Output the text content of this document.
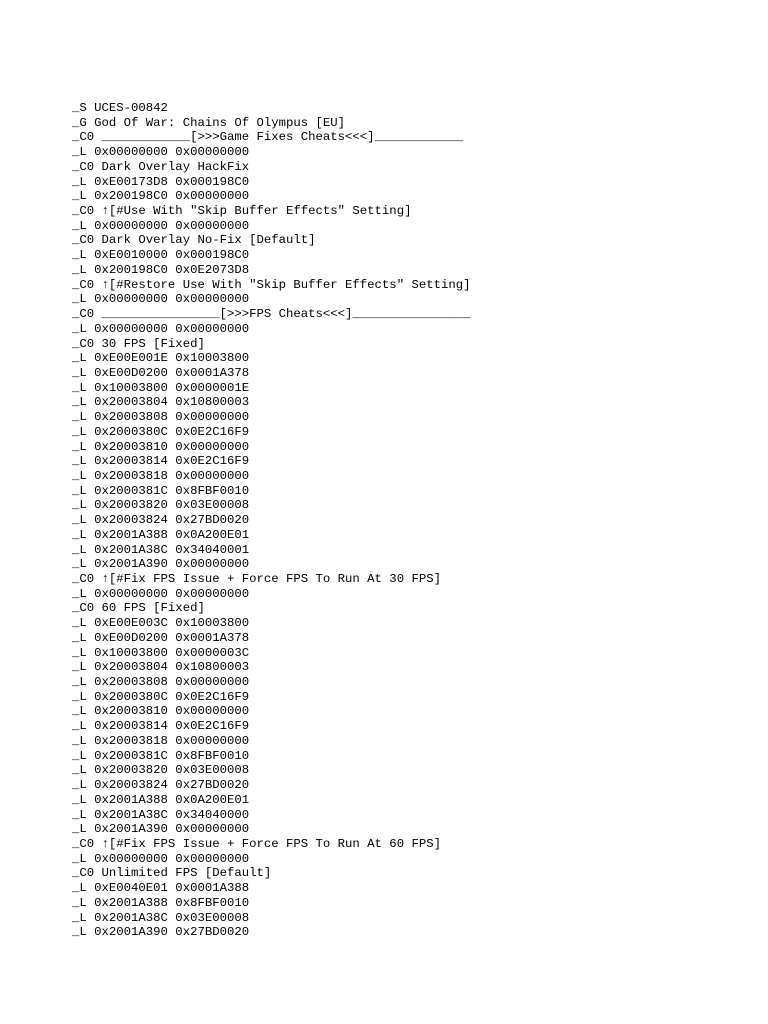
_S UCES-00842
_G God Of War: Chains Of Olympus [EU]
_C0 ____________[>>>Game Fixes Cheats<<<]____________
_L 0x00000000 0x00000000
_C0 Dark Overlay HackFix
_L 0xE00173D8 0x000198C0
_L 0x200198C0 0x00000000
_C0 ↑[#Use With "Skip Buffer Effects" Setting]
_L 0x00000000 0x00000000
_C0 Dark Overlay No-Fix [Default]
_L 0xE0010000 0x000198C0
_L 0x200198C0 0x0E2073D8
_C0 ↑[#Restore Use With "Skip Buffer Effects" Setting]
_L 0x00000000 0x00000000
_C0 ________________[>>>FPS Cheats<<<]________________
_L 0x00000000 0x00000000
_C0 30 FPS [Fixed]
_L 0xE00E001E 0x10003800
_L 0xE00D0200 0x0001A378
_L 0x10003800 0x0000001E
_L 0x20003804 0x10800003
_L 0x20003808 0x00000000
_L 0x2000380C 0x0E2C16F9
_L 0x20003810 0x00000000
_L 0x20003814 0x0E2C16F9
_L 0x20003818 0x00000000
_L 0x2000381C 0x8FBF0010
_L 0x20003820 0x03E00008
_L 0x20003824 0x27BD0020
_L 0x2001A388 0x0A200E01
_L 0x2001A38C 0x34040001
_L 0x2001A390 0x00000000
_C0 ↑[#Fix FPS Issue + Force FPS To Run At 30 FPS]
_L 0x00000000 0x00000000
_C0 60 FPS [Fixed]
_L 0xE00E003C 0x10003800
_L 0xE00D0200 0x0001A378
_L 0x10003800 0x0000003C
_L 0x20003804 0x10800003
_L 0x20003808 0x00000000
_L 0x2000380C 0x0E2C16F9
_L 0x20003810 0x00000000
_L 0x20003814 0x0E2C16F9
_L 0x20003818 0x00000000
_L 0x2000381C 0x8FBF0010
_L 0x20003820 0x03E00008
_L 0x20003824 0x27BD0020
_L 0x2001A388 0x0A200E01
_L 0x2001A38C 0x34040000
_L 0x2001A390 0x00000000
_C0 ↑[#Fix FPS Issue + Force FPS To Run At 60 FPS]
_L 0x00000000 0x00000000
_C0 Unlimited FPS [Default]
_L 0xE0040E01 0x0001A388
_L 0x2001A388 0x8FBF0010
_L 0x2001A38C 0x03E00008
_L 0x2001A390 0x27BD0020
